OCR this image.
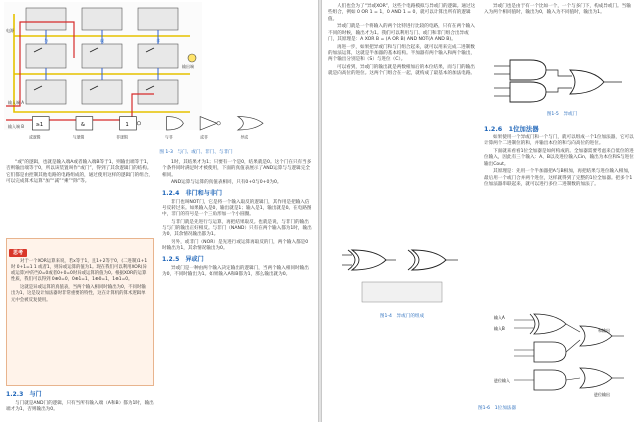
输入端 A
输入端 B
电源
输出端
与	或	非
≥1	&	1
或逻辑	与逻辑	非逻辑	与非	或非	异或
图 1-3　与门、或门、非门、与非门

“或”的逻辑，也就是输入端A或者输入端B等于1，则输出端等于1，否则输出端等于0，所以该装置叫作“或门”，得到了其余逻辑门的结构。它们都是由控制其他电路的电路组成的，通过使用这样的逻辑门的组合，可以完成算术运算“加”“减”“乘”“除”等。

思考
对于一个XOR运算来说，若x等于1，且1+2等于0，(二进制)1+1时 0+1=1 1 或者1，则异或运算的值为1。现在我们可以利用XOR(异或运算)中的当0=0或者0+0=0时异或运算的值为0。根据XOR的运算性质，我们可以得到 0⊕0=0，0⊕1=1，1⊕0=1，1⊕1=0。
这就是异或运算的真值表，当两个输入相同时输出为0，不同时输出为1，这是设计加法器时非常重要的特性，这在计算机的算术逻辑单元中会被反复使用。
1.2.3　与门

与门就是AND门的逻辑，只有当所有输入端（A和B）都为1时，输出端才为1，否则输出为0。

1时，其结果才为1；只要有一个是0，结果就是0。这个门在只有当多个条件同时满足时才被使用，下面的真值表展示了AND运算与与逻辑完全相同。

AND运算与运算的真值表相同，只有0+0与0+0为0。

1.2.4　非门和与非门

非门也叫NOT门，它是将一个输入取反的逻辑门，其作用是把输入信号反转过来。如果输入是0，输出就是1；输入是1，输出就是0。在电路图中，非门的符号是一个三角形加一个小圆圈。

与非门就是先进行与运算，再把结果取反。也就是说，与非门的输出与与门的输出正好相反。与非门（NAND）只有在两个输入都为1时，输出为0，其余情况输出都为1。

另外，或非门（NOR）是先进行或运算再取反的门，两个输入都是0时输出为1，其余情况输出为0。

1.2.5　异或门

异或门是一种由两个输入决定输出的逻辑门，当两个输入相同时输出为0，不同时输出为1。如果输入A和B都为1，那么输出就为0。

人们也会为了“异或XOR”，这些个电路模拟与异或门的逻辑。通过这些组合，例如 0 OR 1 = 1，0 AND 1 = 0，就可以计算出所有的逻辑值。

异或门就是一个将输入的两个比特进行比较的电路，只有在两个输入不同的时候，输出才为1。我们可以利用与门、或门和非门组合出异或门，其原理是：A XOR B = (A OR B) AND NOT(A AND B)。

再进一步，如果把异或门和与门组合起来，就可以用来完成二进制数的加法运算，这就是半加器的基本结构。半加器有两个输入和两个输出，两个输出分别是和（S）与进位（C）。

可以看到，异或门的输出就是两数相加后的本位结果，而与门的输出就是向高位的进位。这两个门组合在一起，就构成了最基本的加法电路。

图1-4　异或门的组成

异或门也是由于有一个比如一个，一个与多门下，构成异或门。当输入为两个相同值时，输出为0，输入为不同值时，输出为1。

图1-5　异或门
1.2.6　1位加法器

如果使用一个异或门和一个与门，就可以组成一个1位加法器，它可以计算两个二进制位的和，并输出本位的和与向高位的进位。

下面就来看看1位全加器是如何构成的。全加器需要考虑来自低位的进位输入，因此有三个输入：A、B以及进位输入Cin，输出为本位和S与进位输出Cout。

其原理是：先用一个半加器把A与B相加，再把结果与进位输入相加，最后用一个或门合并两个进位，这样就得到了完整的1位全加器。把多个1位加法器串联起来，就可以进行多位二进制数的加法了。

输入A
输入B
进位输入
和输出
进位输出
图1-6　1位加法器
